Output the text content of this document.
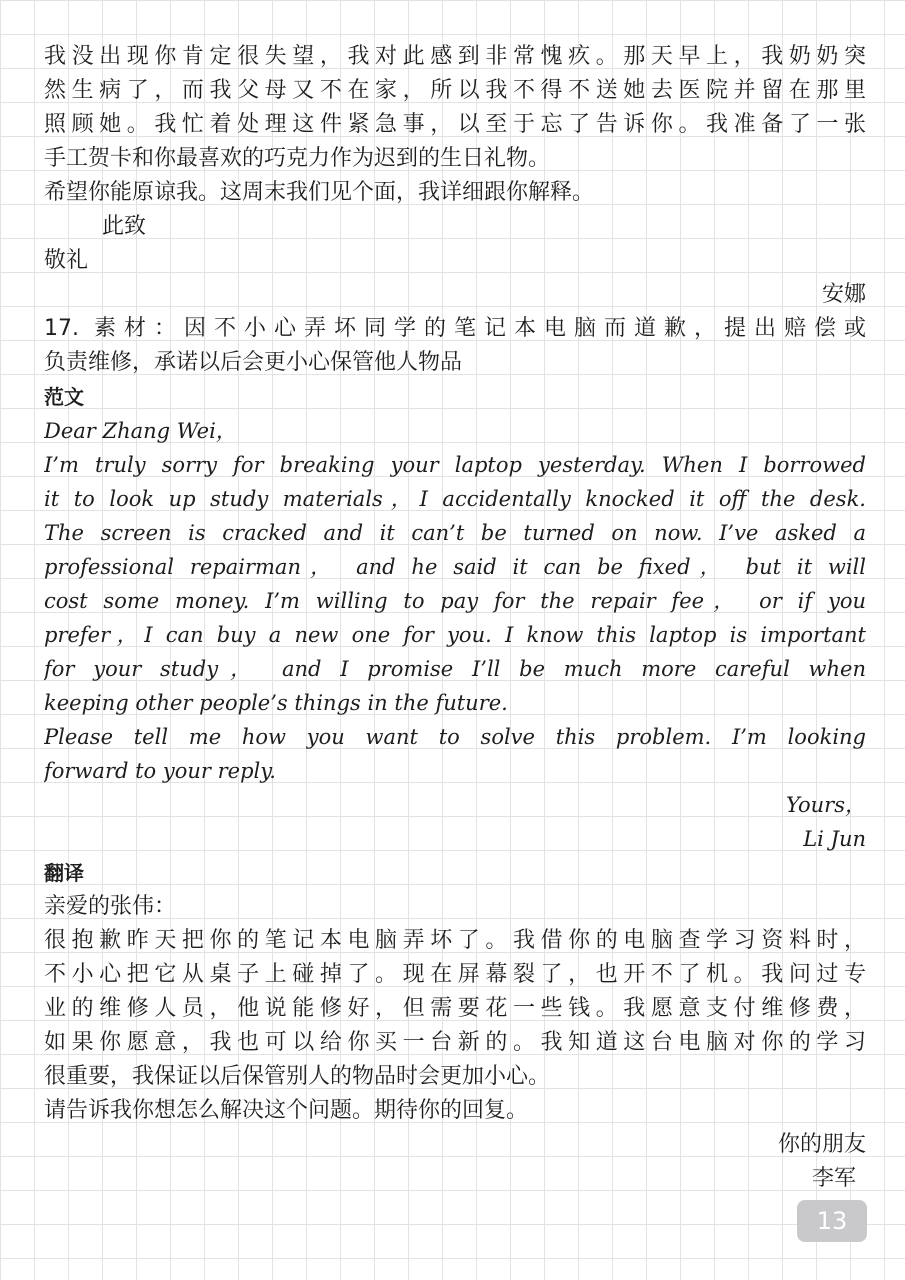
我没出现你肯定很失望，我对此感到非常愧疚。那天早上，我奶奶突
然生病了，而我父母又不在家，所以我不得不送她去医院并留在那里
照顾她。我忙着处理这件紧急事，以至于忘了告诉你。我准备了一张
手工贺卡和你最喜欢的巧克力作为迟到的生日礼物。
希望你能原谅我。这周末我们见个面，我详细跟你解释。
此致
敬礼
安娜
17. 素材：因不小心弄坏同学的笔记本电脑而道歉，提出赔偿或
负责维修，承诺以后会更小心保管他人物品
范文
Dear Zhang Wei，
I’m truly sorry for breaking your laptop yesterday. When I borrowed
it to look up study materials，I accidentally knocked it off the desk.
The screen is cracked and it can’t be turned on now. I’ve asked a
professional repairman， and he said it can be fixed， but it will
cost some money. I’m willing to pay for the repair fee， or if you
prefer，I can buy a new one for you. I know this laptop is important
for your study， and I promise I’ll be much more careful when
keeping other people’s things in the future.
Please tell me how you want to solve this problem. I’m looking
forward to your reply.
Yours，
Li Jun
翻译
亲爱的张伟：
很抱歉昨天把你的笔记本电脑弄坏了。我借你的电脑查学习资料时，
不小心把它从桌子上碰掉了。现在屏幕裂了，也开不了机。我问过专
业的维修人员，他说能修好，但需要花一些钱。我愿意支付维修费，
如果你愿意，我也可以给你买一台新的。我知道这台电脑对你的学习
很重要，我保证以后保管别人的物品时会更加小心。
请告诉我你想怎么解决这个问题。期待你的回复。
你的朋友
李军
13
